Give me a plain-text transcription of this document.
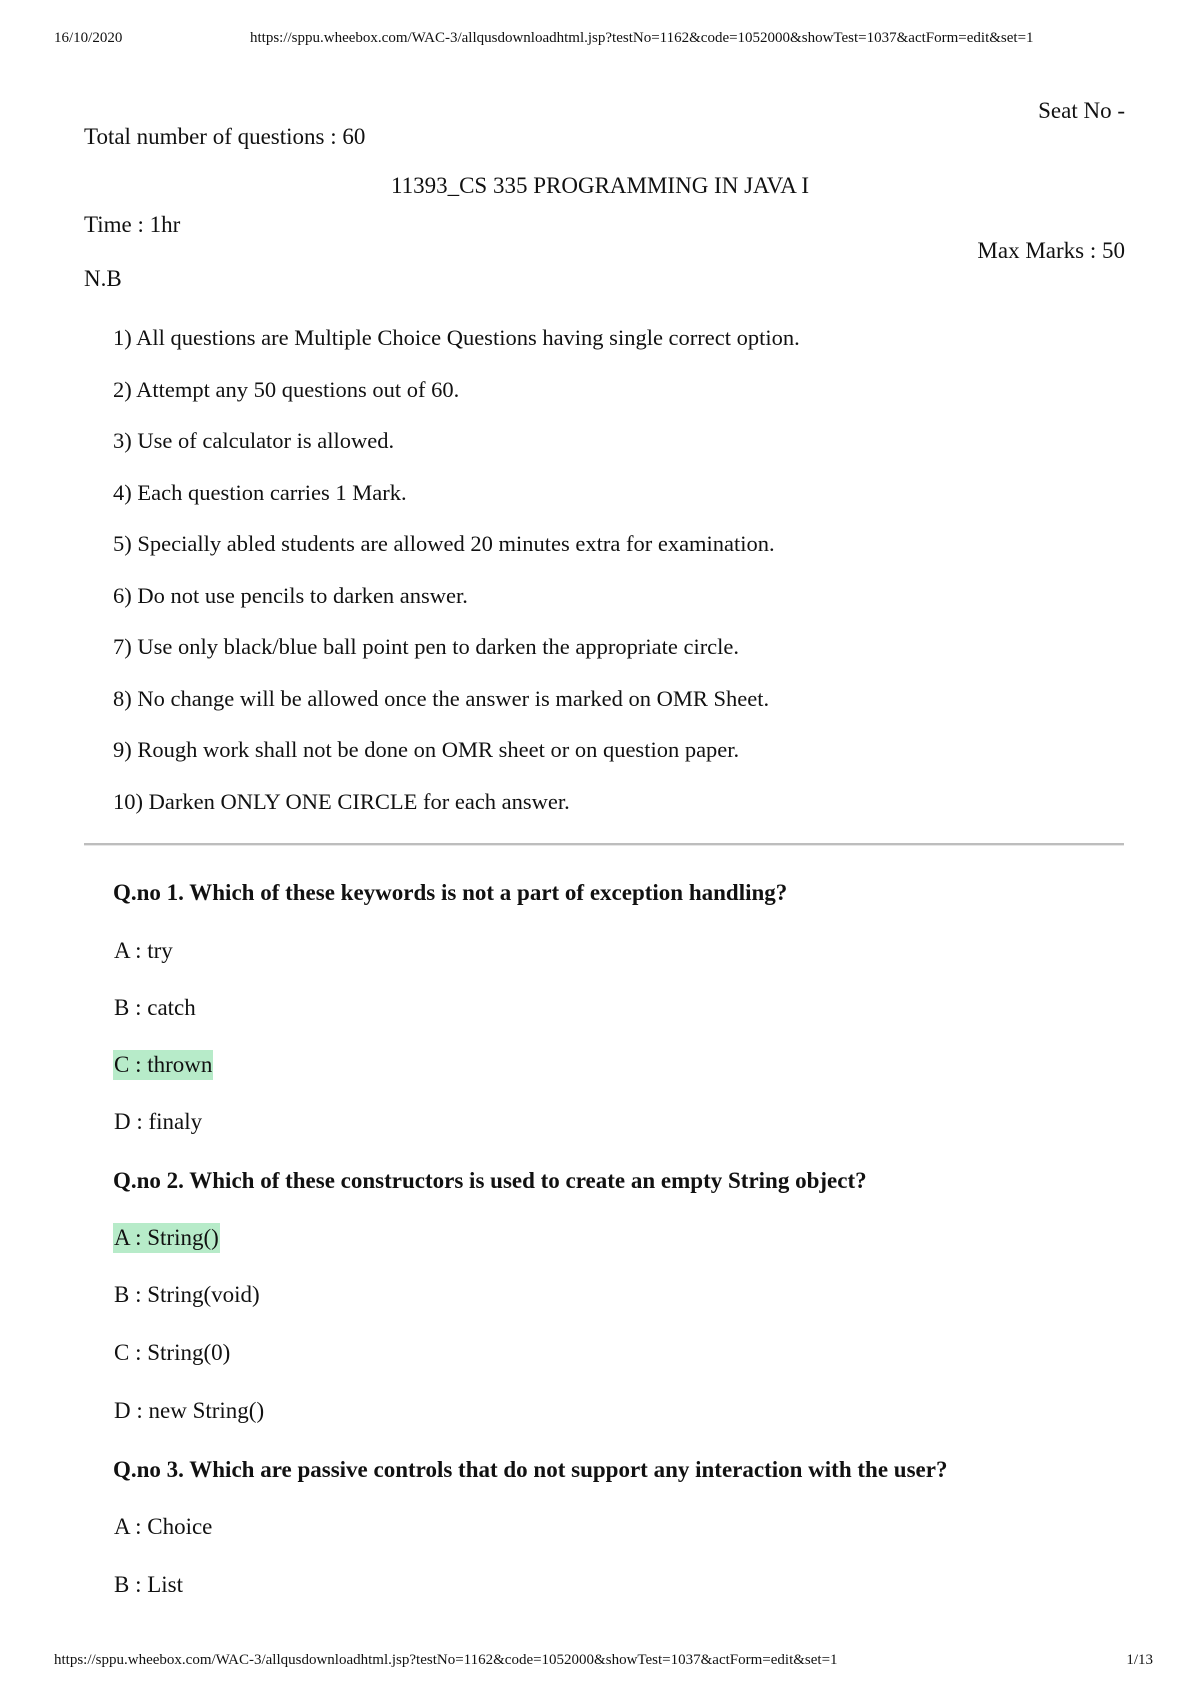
16/10/2020	https://sppu.wheebox.com/WAC-3/allqusdownloadhtml.jsp?testNo=1162&code=1052000&showTest=1037&actForm=edit&set=1
Seat No -
Total number of questions : 60
11393_CS 335 PROGRAMMING IN JAVA I
Time : 1hr
Max Marks : 50
N.B
1) All questions are Multiple Choice Questions having single correct option.
2) Attempt any 50 questions out of 60.
3) Use of calculator is allowed.
4) Each question carries 1 Mark.
5) Specially abled students are allowed 20 minutes extra for examination.
6) Do not use pencils to darken answer.
7) Use only black/blue ball point pen to darken the appropriate circle.
8) No change will be allowed once the answer is marked on OMR Sheet.
9) Rough work shall not be done on OMR sheet or on question paper.
10) Darken ONLY ONE CIRCLE for each answer.
Q.no 1. Which of these keywords is not a part of exception handling?
A : try
B : catch
C : thrown
D : finaly
Q.no 2. Which of these constructors is used to create an empty String object?
A : String()
B : String(void)
C : String(0)
D : new String()
Q.no 3. Which are passive controls that do not support any interaction with the user?
A : Choice
B : List
https://sppu.wheebox.com/WAC-3/allqusdownloadhtml.jsp?testNo=1162&code=1052000&showTest=1037&actForm=edit&set=1	1/13
